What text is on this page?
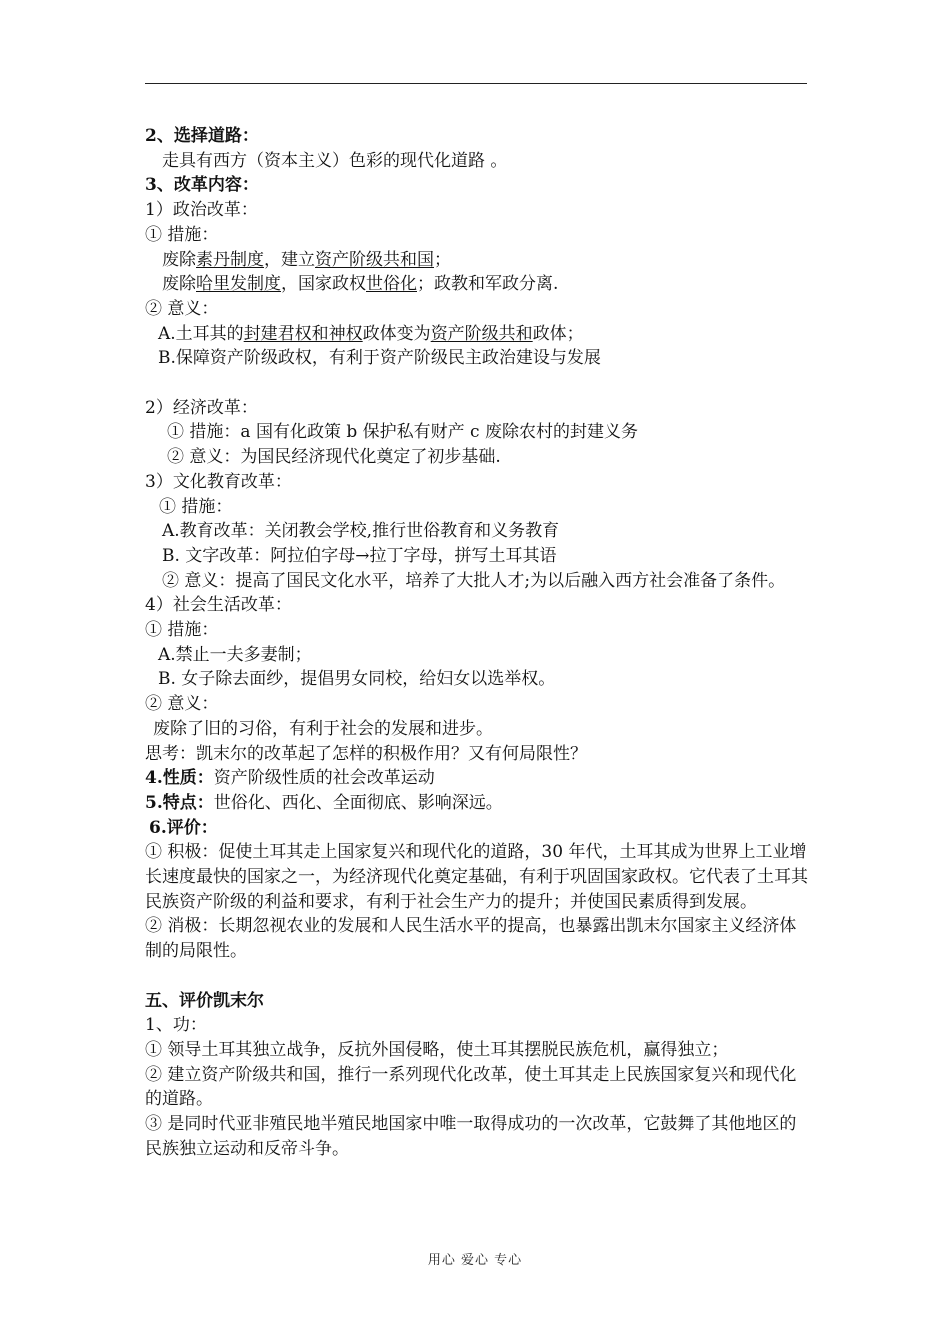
2、选择道路：
走具有西方（资本主义）色彩的现代化道路 。
3、改革内容：
1）政治改革：
① 措施：
废除素丹制度，建立资产阶级共和国；
废除哈里发制度，国家政权世俗化；政教和军政分离.
② 意义：
A.土耳其的封建君权和神权政体变为资产阶级共和政体；
B.保障资产阶级政权，有利于资产阶级民主政治建设与发展
2）经济改革：
① 措施：a 国有化政策 b 保护私有财产 c 废除农村的封建义务
② 意义：为国民经济现代化奠定了初步基础.
3）文化教育改革：
① 措施：
A.教育改革：关闭教会学校,推行世俗教育和义务教育
B. 文字改革：阿拉伯字母→拉丁字母，拼写土耳其语
② 意义：提高了国民文化水平，培养了大批人才;为以后融入西方社会准备了条件。
4）社会生活改革：
① 措施：
A.禁止一夫多妻制；
B. 女子除去面纱，提倡男女同校，给妇女以选举权。
② 意义：
废除了旧的习俗，有利于社会的发展和进步。
思考：凯末尔的改革起了怎样的积极作用？又有何局限性？
4.性质：资产阶级性质的社会改革运动
5.特点：世俗化、西化、全面彻底、影响深远。
6.评价：
① 积极：促使土耳其走上国家复兴和现代化的道路，30 年代，土耳其成为世界上工业增长速度最快的国家之一，为经济现代化奠定基础，有利于巩固国家政权。它代表了土耳其民族资产阶级的利益和要求，有利于社会生产力的提升；并使国民素质得到发展。
② 消极：长期忽视农业的发展和人民生活水平的提高，也暴露出凯末尔国家主义经济体制的局限性。
五、评价凯末尔
1、功：
① 领导土耳其独立战争，反抗外国侵略，使土耳其摆脱民族危机，赢得独立；
② 建立资产阶级共和国，推行一系列现代化改革，使土耳其走上民族国家复兴和现代化的道路。
③ 是同时代亚非殖民地半殖民地国家中唯一取得成功的一次改革，它鼓舞了其他地区的民族独立运动和反帝斗争。
用心 爱心 专心
